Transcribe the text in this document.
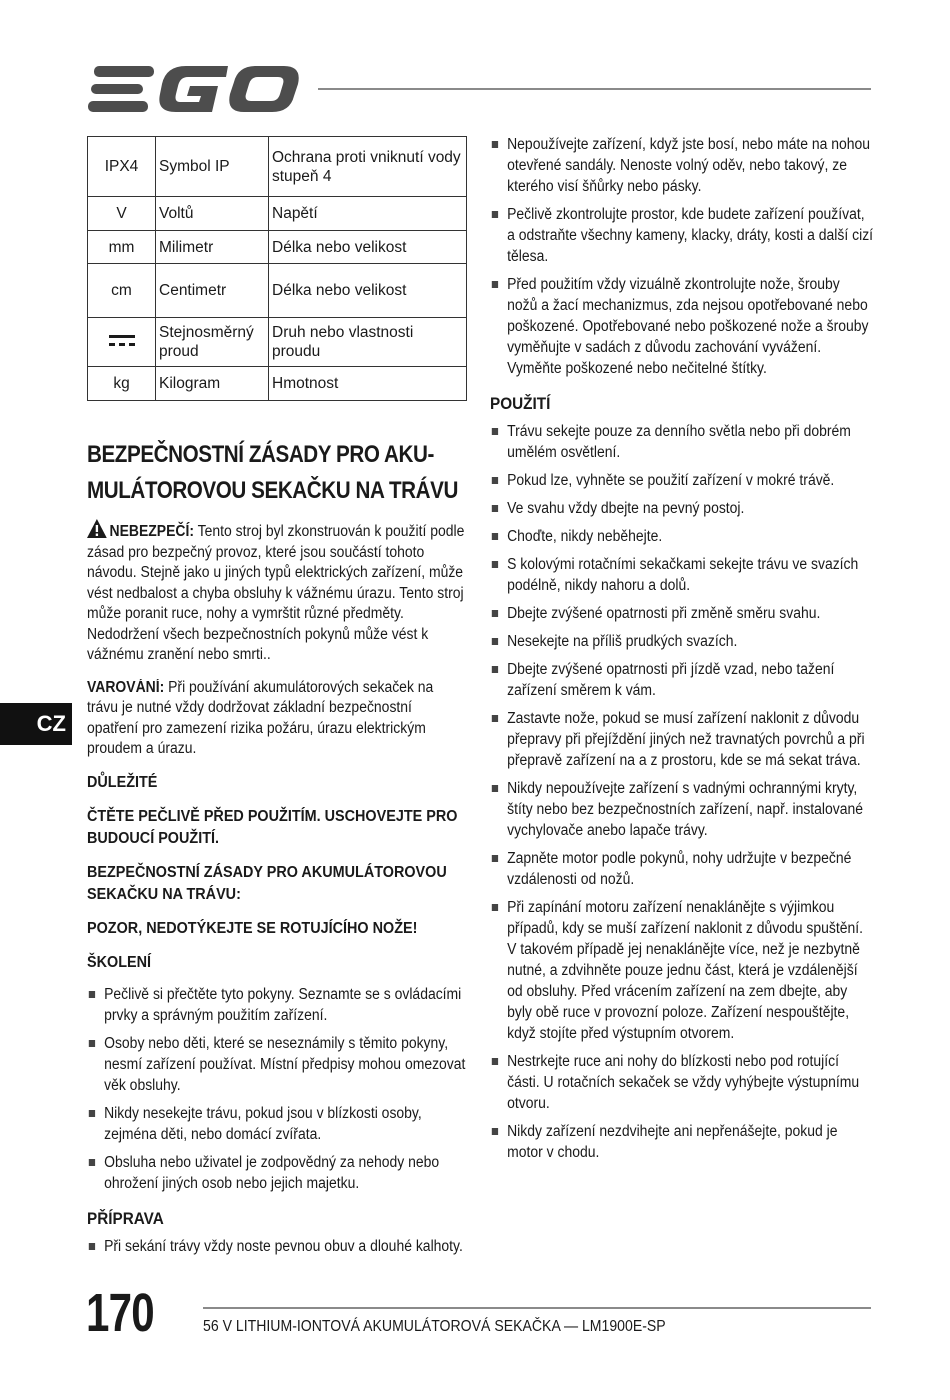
IPX4	Symbol IP	Ochrana proti vniknutí vody stupeň 4
V	Voltů	Napětí
mm	Milimetr	Délka nebo velikost
cm	Centimetr	Délka nebo velikost

	Stejnosměrný proud	Druh nebo vlastnosti proudu
kg	Kilogram	Hmotnost
BEZPEČNOSTNÍ ZÁSADY PRO AKU-
MULÁTOROVOU SEKAČKU NA TRÁVU

NEBEZPEČÍ: Tento stroj byl zkonstruován k použití podle zásad pro bezpečný provoz, které jsou součástí tohoto návodu. Stejně jako u jiných typů elektrických zařízení, může vést nedbalost a chyba obsluhy k vážnému úrazu. Tento stroj může poranit ruce, nohy a vymrštit různé předměty. Nedodržení všech bezpečnostních pokynů může vést k vážnému zranění nebo smrti..

VAROVÁNÍ: Při používání akumulátorových sekaček na trávu je nutné vždy dodržovat základní bezpečnostní opatření pro zamezení rizika požáru, úrazu elektrickým proudem a úrazu.

DŮLEŽITÉ
ČTĚTE PEČLIVĚ PŘED POUŽITÍM. USCHOVEJTE PRO BUDOUCÍ POUŽITÍ.
BEZPEČNOSTNÍ ZÁSADY PRO AKUMULÁTOROVOU SEKAČKU NA TRÁVU:
POZOR, NEDOTÝKEJTE SE ROTUJÍCÍHO NOŽE!
ŠKOLENÍ
Pečlivě si přečtěte tyto pokyny. Seznamte se s ovládacími prvky a správným použitím zařízení.
Osoby nebo děti, které se neseznámily s těmito pokyny, nesmí zařízení používat. Místní předpisy mohou omezovat věk obsluhy.
Nikdy nesekejte trávu, pokud jsou v blízkosti osoby, zejména děti, nebo domácí zvířata.
Obsluha nebo uživatel je zodpovědný za nehody nebo ohrožení jiných osob nebo jejich majetku.
PŘÍPRAVA
Při sekání trávy vždy noste pevnou obuv a dlouhé kalhoty.
Nepoužívejte zařízení, když jste bosí, nebo máte na nohou otevřené sandály. Nenoste volný oděv, nebo takový, ze kterého visí šňůrky nebo pásky.
Pečlivě zkontrolujte prostor, kde budete zařízení používat, a odstraňte všechny kameny, klacky, dráty, kosti a další cizí tělesa.
Před použitím vždy vizuálně zkontrolujte nože, šrouby nožů a žací mechanizmus, zda nejsou opotřebované nebo poškozené. Opotřebované nebo poškozené nože a šrouby vyměňujte v sadách z důvodu zachování vyvážení. Vyměňte poškozené nebo nečitelné štítky.
POUŽITÍ
Trávu sekejte pouze za denního světla nebo při dobrém umělém osvětlení.
Pokud lze, vyhněte se použití zařízení v mokré trávě.
Ve svahu vždy dbejte na pevný postoj.
Choďte, nikdy neběhejte.
S kolovými rotačními sekačkami sekejte trávu ve svazích podélně, nikdy nahoru a dolů.
Dbejte zvýšené opatrnosti při změně směru svahu.
Nesekejte na příliš prudkých svazích.
Dbejte zvýšené opatrnosti při jízdě vzad, nebo tažení zařízení směrem k vám.
Zastavte nože, pokud se musí zařízení naklonit z důvodu přepravy při přejíždění jiných než travnatých povrchů a při přepravě zařízení na a z prostoru, kde se má sekat tráva.
Nikdy nepoužívejte zařízení s vadnými ochrannými kryty, štíty nebo bez bezpečnostních zařízení, např. instalované vychylovače anebo lapače trávy.
Zapněte motor podle pokynů, nohy udržujte v bezpečné vzdálenosti od nožů.
Při zapínání motoru zařízení nenaklánějte s výjimkou případů, kdy se muší zařízení naklonit z důvodu spuštění. V takovém případě jej nenaklánějte více, než je nezbytně nutné, a zdvihněte pouze jednu část, která je vzdálenější od obsluhy. Před vrácením zařízení na zem dbejte, aby byly obě ruce v provozní poloze. Zařízení nespouštějte, když stojíte před výstupním otvorem.
Nestrkejte ruce ani nohy do blízkosti nebo pod rotující části. U rotačních sekaček se vždy vyhýbejte výstupnímu otvoru.
Nikdy zařízení nezdvihejte ani nepřenášejte, pokud je motor v chodu.
CZ
170	56 V LITHIUM-IONTOVÁ AKUMULÁTOROVÁ SEKAČKA — LM1900E-SP
